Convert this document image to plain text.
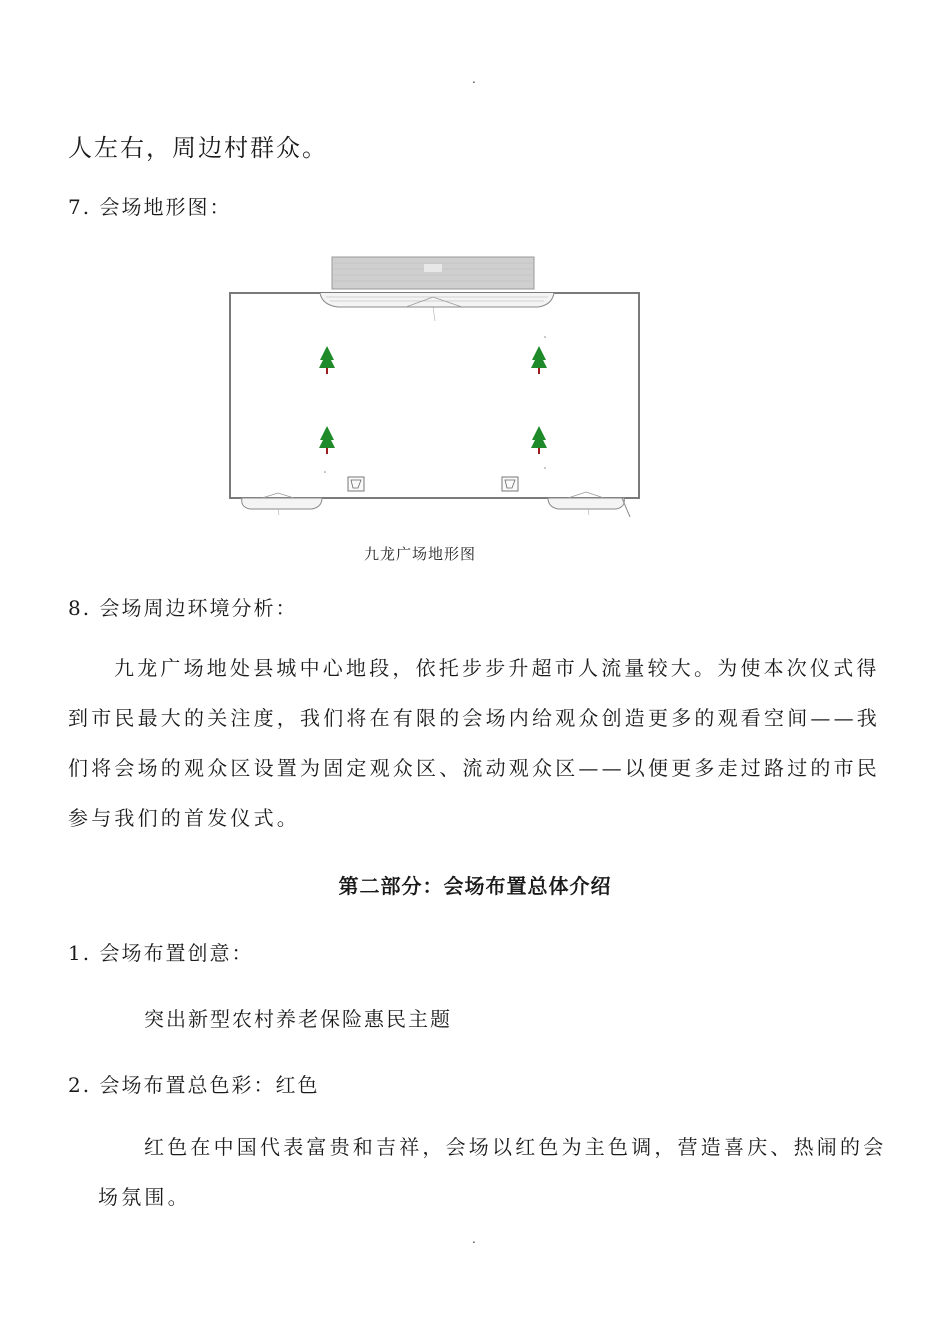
.
人左右，周边村群众。
7. 会场地形图：
九龙广场地形图
8. 会场周边环境分析：
九龙广场地处县城中心地段，依托步步升超市人流量较大。为使本次仪式得到市民最大的关注度，我们将在有限的会场内给观众创造更多的观看空间——我们将会场的观众区设置为固定观众区、流动观众区——以便更多走过路过的市民参与我们的首发仪式。
第二部分：会场布置总体介绍
1. 会场布置创意：
突出新型农村养老保险惠民主题
2. 会场布置总色彩：红色
红色在中国代表富贵和吉祥，会场以红色为主色调，营造喜庆、热闹的会场氛围。
.
